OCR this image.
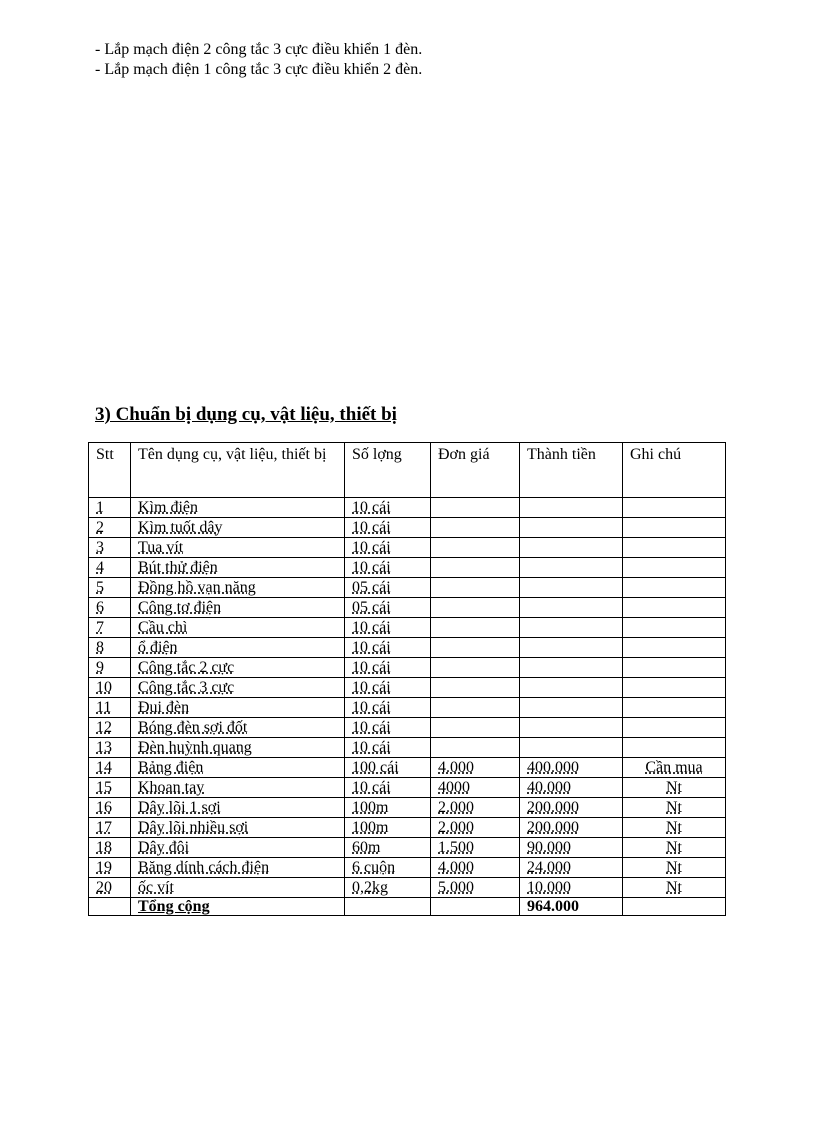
- Lắp mạch điện 2 công tắc 3 cực điều khiển 1 đèn.
- Lắp mạch điện 1 công tắc 3 cực điều khiển 2 đèn.
3) Chuẩn bị dụng cụ, vật liệu, thiết bị
Stt	Tên dụng cụ, vật liệu, thiết bị	Số lợng	Đơn giá	Thành tiền	Ghi chú
1	Kìm điện	10 cái			
2	Kìm tuốt dây	10 cái			
3	Tua vít	10 cái			
4	Bút thử điện	10 cái			
5	Đồng hồ vạn năng	05 cái			
6	Công tơ điện	05 cái			
7	Cầu chì	10 cái			
8	ổ điện	10 cái			
9	Công tắc 2 cực	10 cái			
10	Công tắc 3 cực	10 cái			
11	Đui đèn	10 cái			
12	Bóng đèn sợi đốt	10 cái			
13	Đèn huỳnh quang	10 cái			
14	Bảng điện	100 cái	4.000	400.000	Cần mua
15	Khoan tay	10 cái	4000	40.000	Nt
16	Dây lõi 1 sợi	100m	2.000	200.000	Nt
17	Dây lõi nhiều sợi	100m	2.000	200.000	Nt
18	Dây đôi	60m	1.500	90.000	Nt
19	Băng dính cách điện	6 cuộn	4.000	24.000	Nt
20	ốc vít	0,2kg	5.000	10.000	Nt
	Tổng cộng			964.000	
